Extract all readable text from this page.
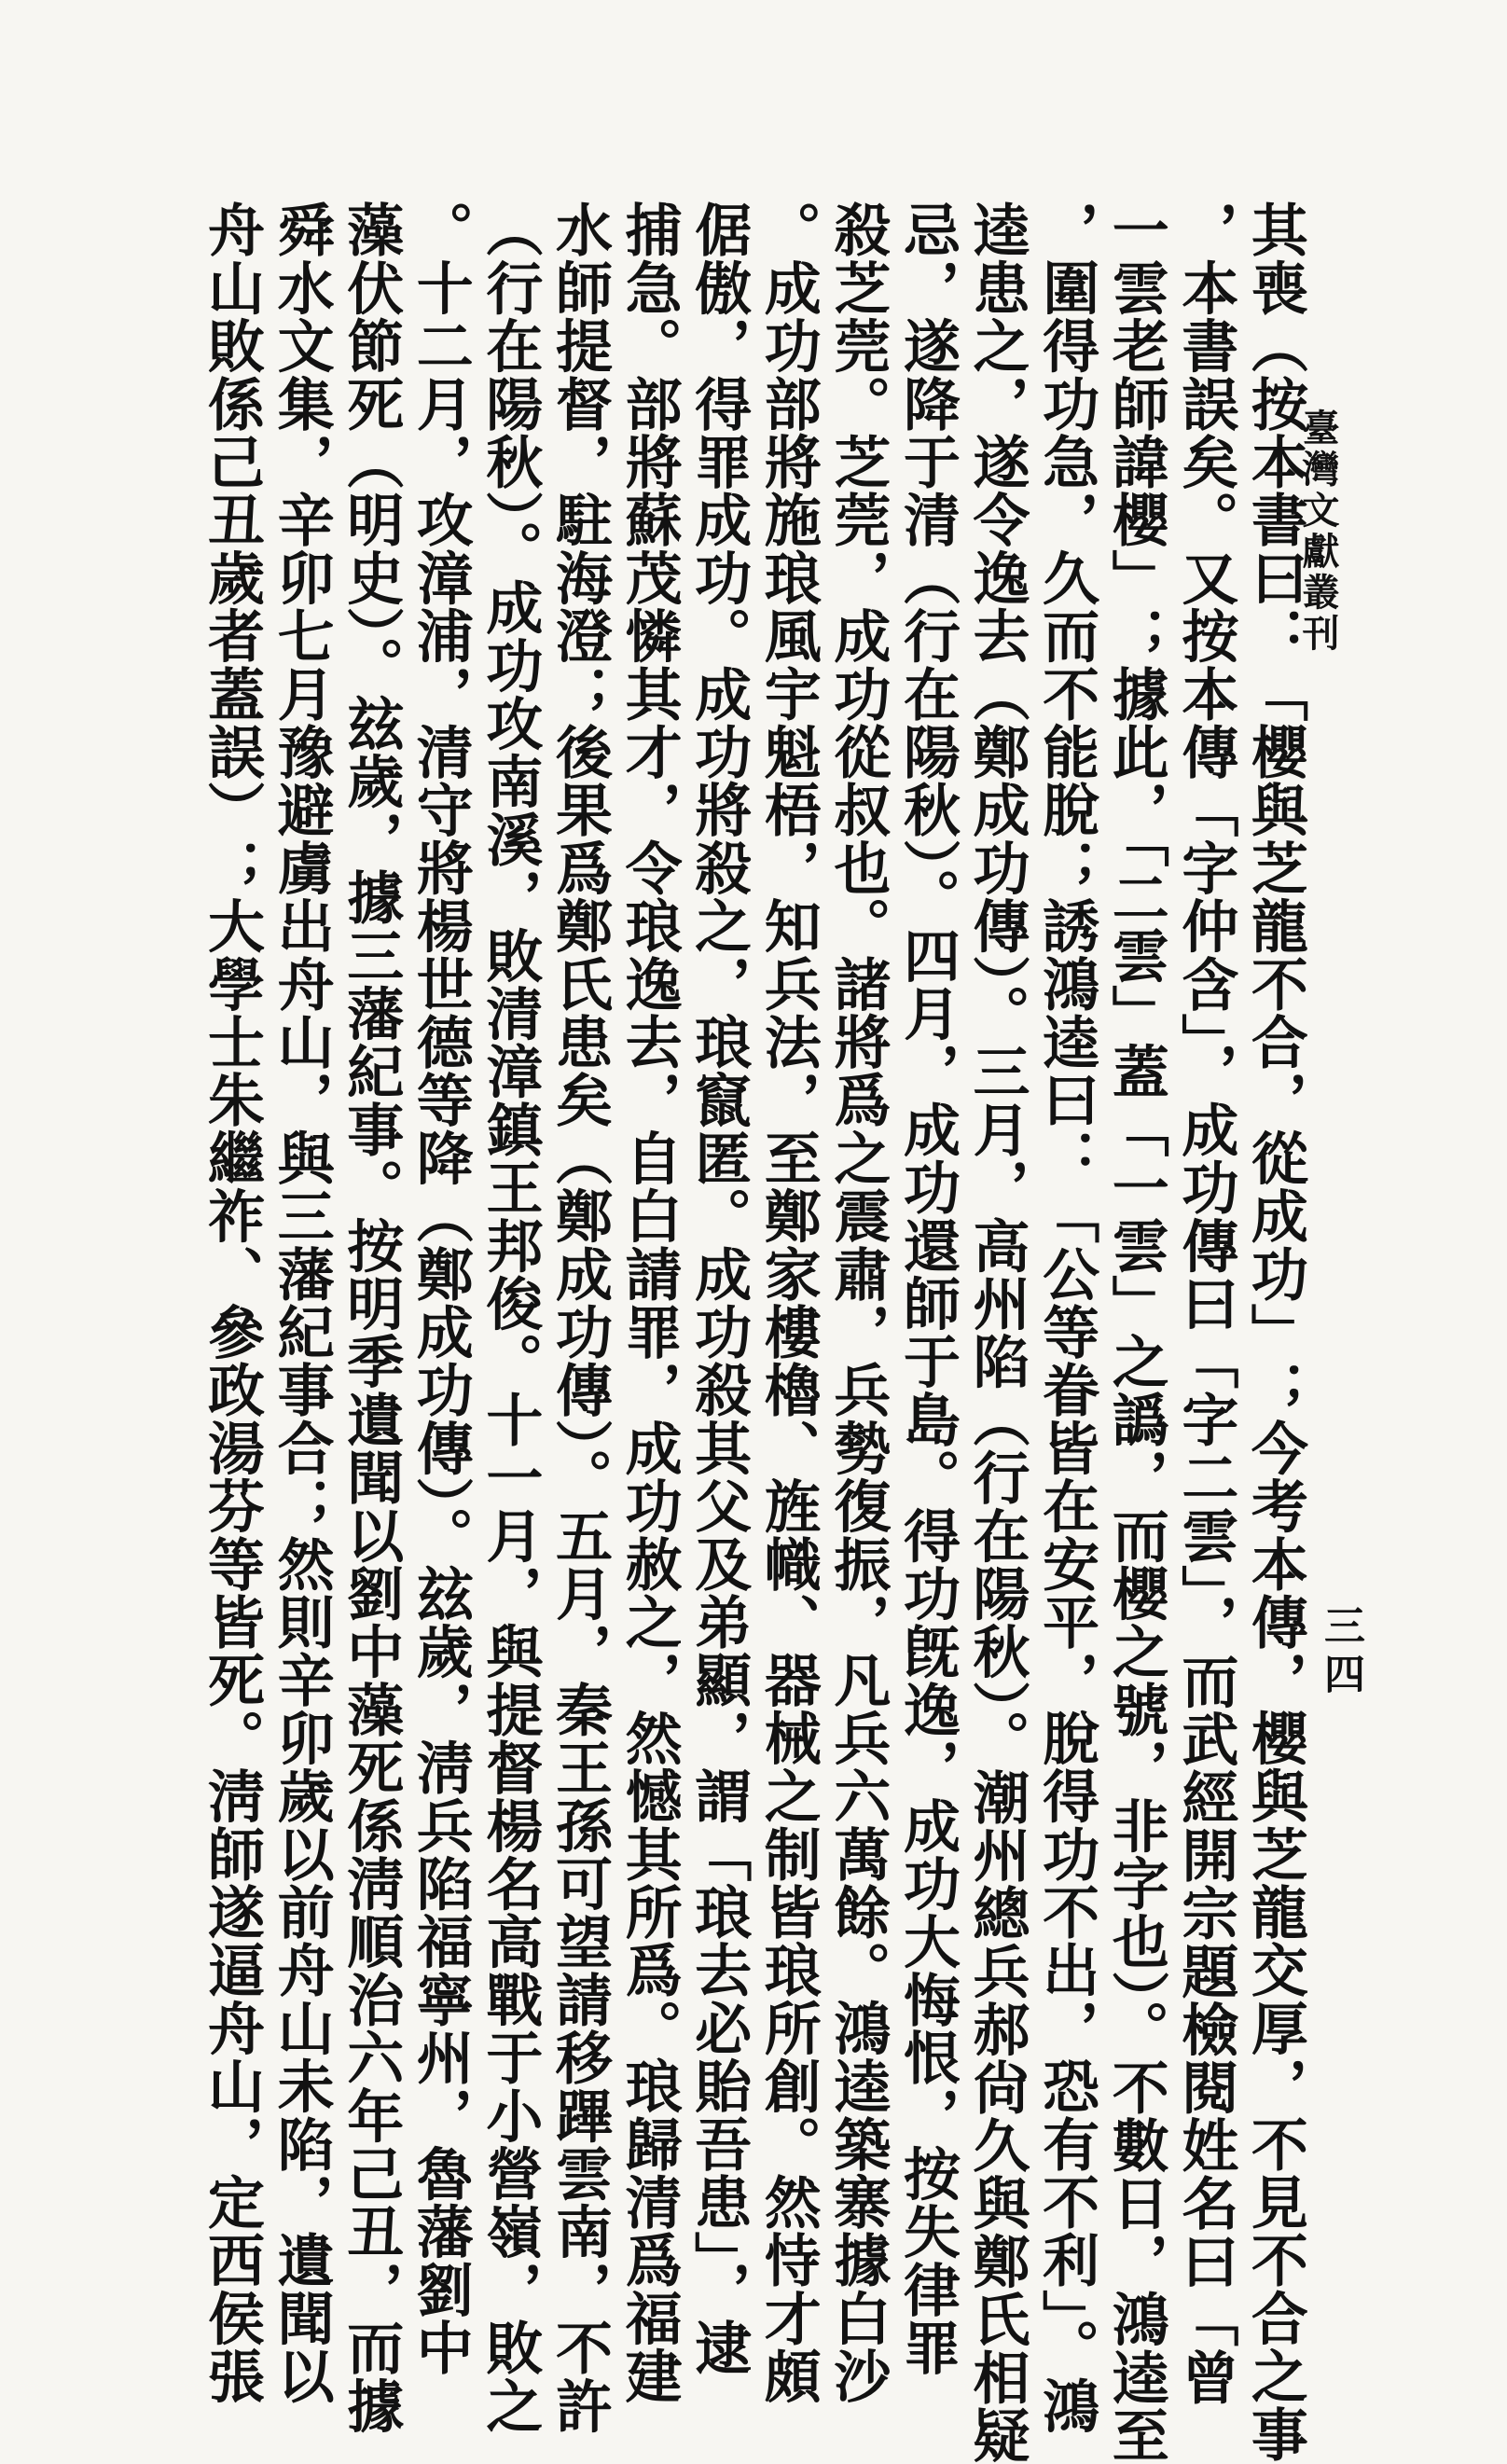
臺灣文獻叢刊
三四
其喪（按本書曰：「櫻與芝龍不合，從成功」；今考本傳，櫻與芝龍交厚，不見不合之事
，本書誤矣。又按本傳「字仲含」，成功傳曰「字二雲」，而武經開宗題檢閱姓名曰「曾
一雲老師諱櫻」；據此，「二雲」蓋「一雲」之譌，而櫻之號，非字也）。不數日，鴻逵至
，圍得功急，久而不能脫；誘鴻逵曰：「公等眷皆在安平，脫得功不出，恐有不利」。鴻
逵患之，遂令逸去（鄭成功傳）。三月，高州陷（行在陽秋）。潮州總兵郝尙久與鄭氏相疑
忌，遂降于清（行在陽秋）。四月，成功還師于島。得功旣逸，成功大悔恨，按失律罪
殺芝莞。芝莞，成功從叔也。諸將爲之震肅，兵勢復振，凡兵六萬餘。鴻逵築寨據白沙
。成功部將施琅風宇魁梧，知兵法，至鄭家樓櫓、旌幟、器械之制皆琅所創。然恃才頗
倨傲，得罪成功。成功將殺之，琅竄匿。成功殺其父及弟顯，謂「琅去必貽吾患」，逮
捕急。部將蘇茂憐其才，令琅逸去，自白請罪，成功赦之，然憾其所爲。琅歸清爲福建
水師提督，駐海澄；後果爲鄭氏患矣（鄭成功傳）。五月，秦王孫可望請移蹕雲南，不許
（行在陽秋）。成功攻南溪，敗清漳鎮王邦俊。十一月，與提督楊名高戰于小營嶺，敗之
。十二月，攻漳浦，清守將楊世德等降（鄭成功傳）。玆歲，淸兵陷福寧州，魯藩劉中
藻伏節死（明史）。玆歲，據三藩紀事。按明季遺聞以劉中藻死係淸順治六年己丑，而據
舜水文集，辛卯七月豫避虜出舟山，與三藩紀事合；然則辛卯歲以前舟山未陷，遺聞以
舟山敗係己丑歲者蓋誤）；大學士朱繼祚、參政湯芬等皆死。淸師遂逼舟山，定西侯張
